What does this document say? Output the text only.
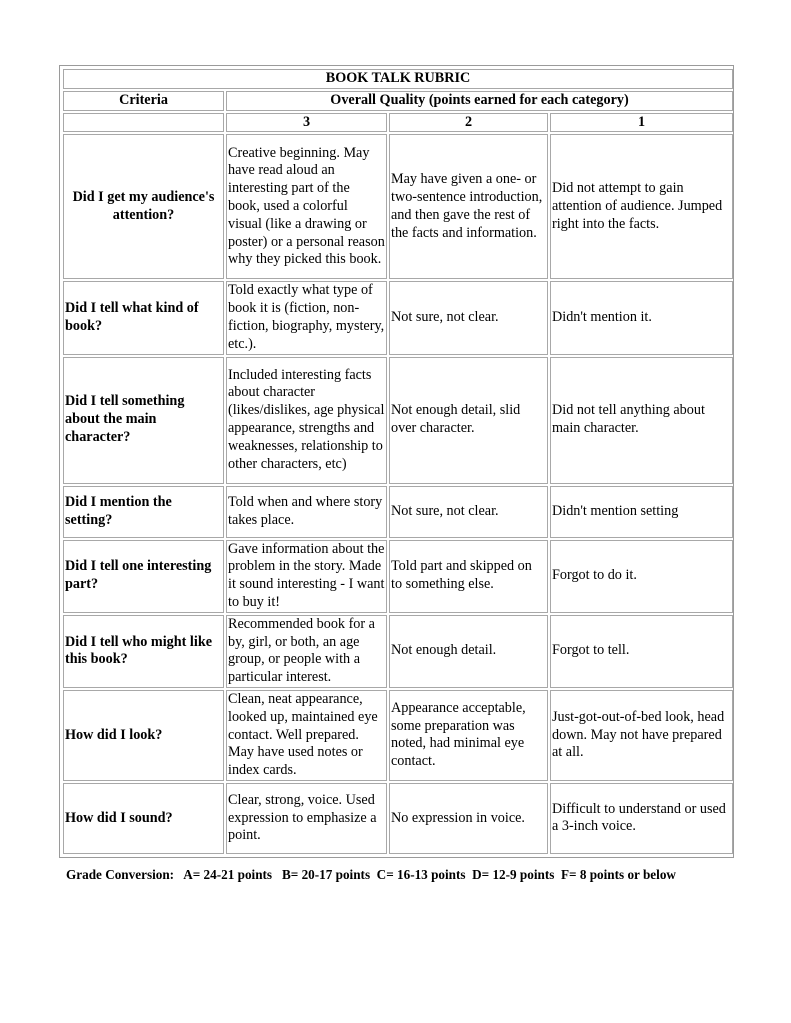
BOOK TALK RUBRIC			
Criteria	Overall Quality (points earned for each category)		
	3	2	1
Did I get my audience's attention?	Creative beginning. May have read aloud an interesting part of the book, used a colorful visual (like a drawing or poster) or a personal reason why they picked this book.	May have given a one- or two-sentence introduction, and then gave the rest of the facts and information.	Did not attempt to gain attention of audience. Jumped right into the facts.
Did I tell what kind of book?	Told exactly what type of book it is (fiction, non-fiction, biography, mystery, etc.).	Not sure, not clear.	Didn't mention it.
Did I tell something about the main character?	Included interesting facts about character (likes/dislikes, age physical appearance, strengths and weaknesses, relationship to other characters, etc)	Not enough detail, slid over character.	Did not tell anything about main character.
Did I mention the setting?	Told when and where story takes place.	Not sure, not clear.	Didn't mention setting
Did I tell one interesting part?	Gave information about the problem in the story. Made it sound interesting - I want to buy it!	Told part and skipped on to something else.	Forgot to do it.
Did I tell who might like this book?	Recommended book for a by, girl, or both, an age group, or people with a particular interest.	Not enough detail.	Forgot to tell.
How did I look?	Clean, neat appearance, looked up, maintained eye contact. Well prepared. May have used notes or index cards.	Appearance acceptable, some preparation was noted, had minimal eye contact.	Just-got-out-of-bed look, head down. May not have prepared at all.
How did I sound?	Clear, strong, voice. Used expression to emphasize a point.	No expression in voice.	Difficult to understand or used a 3-inch voice.
Grade Conversion:   A= 24-21 points   B= 20-17 points  C= 16-13 points  D= 12-9 points  F= 8 points or below
